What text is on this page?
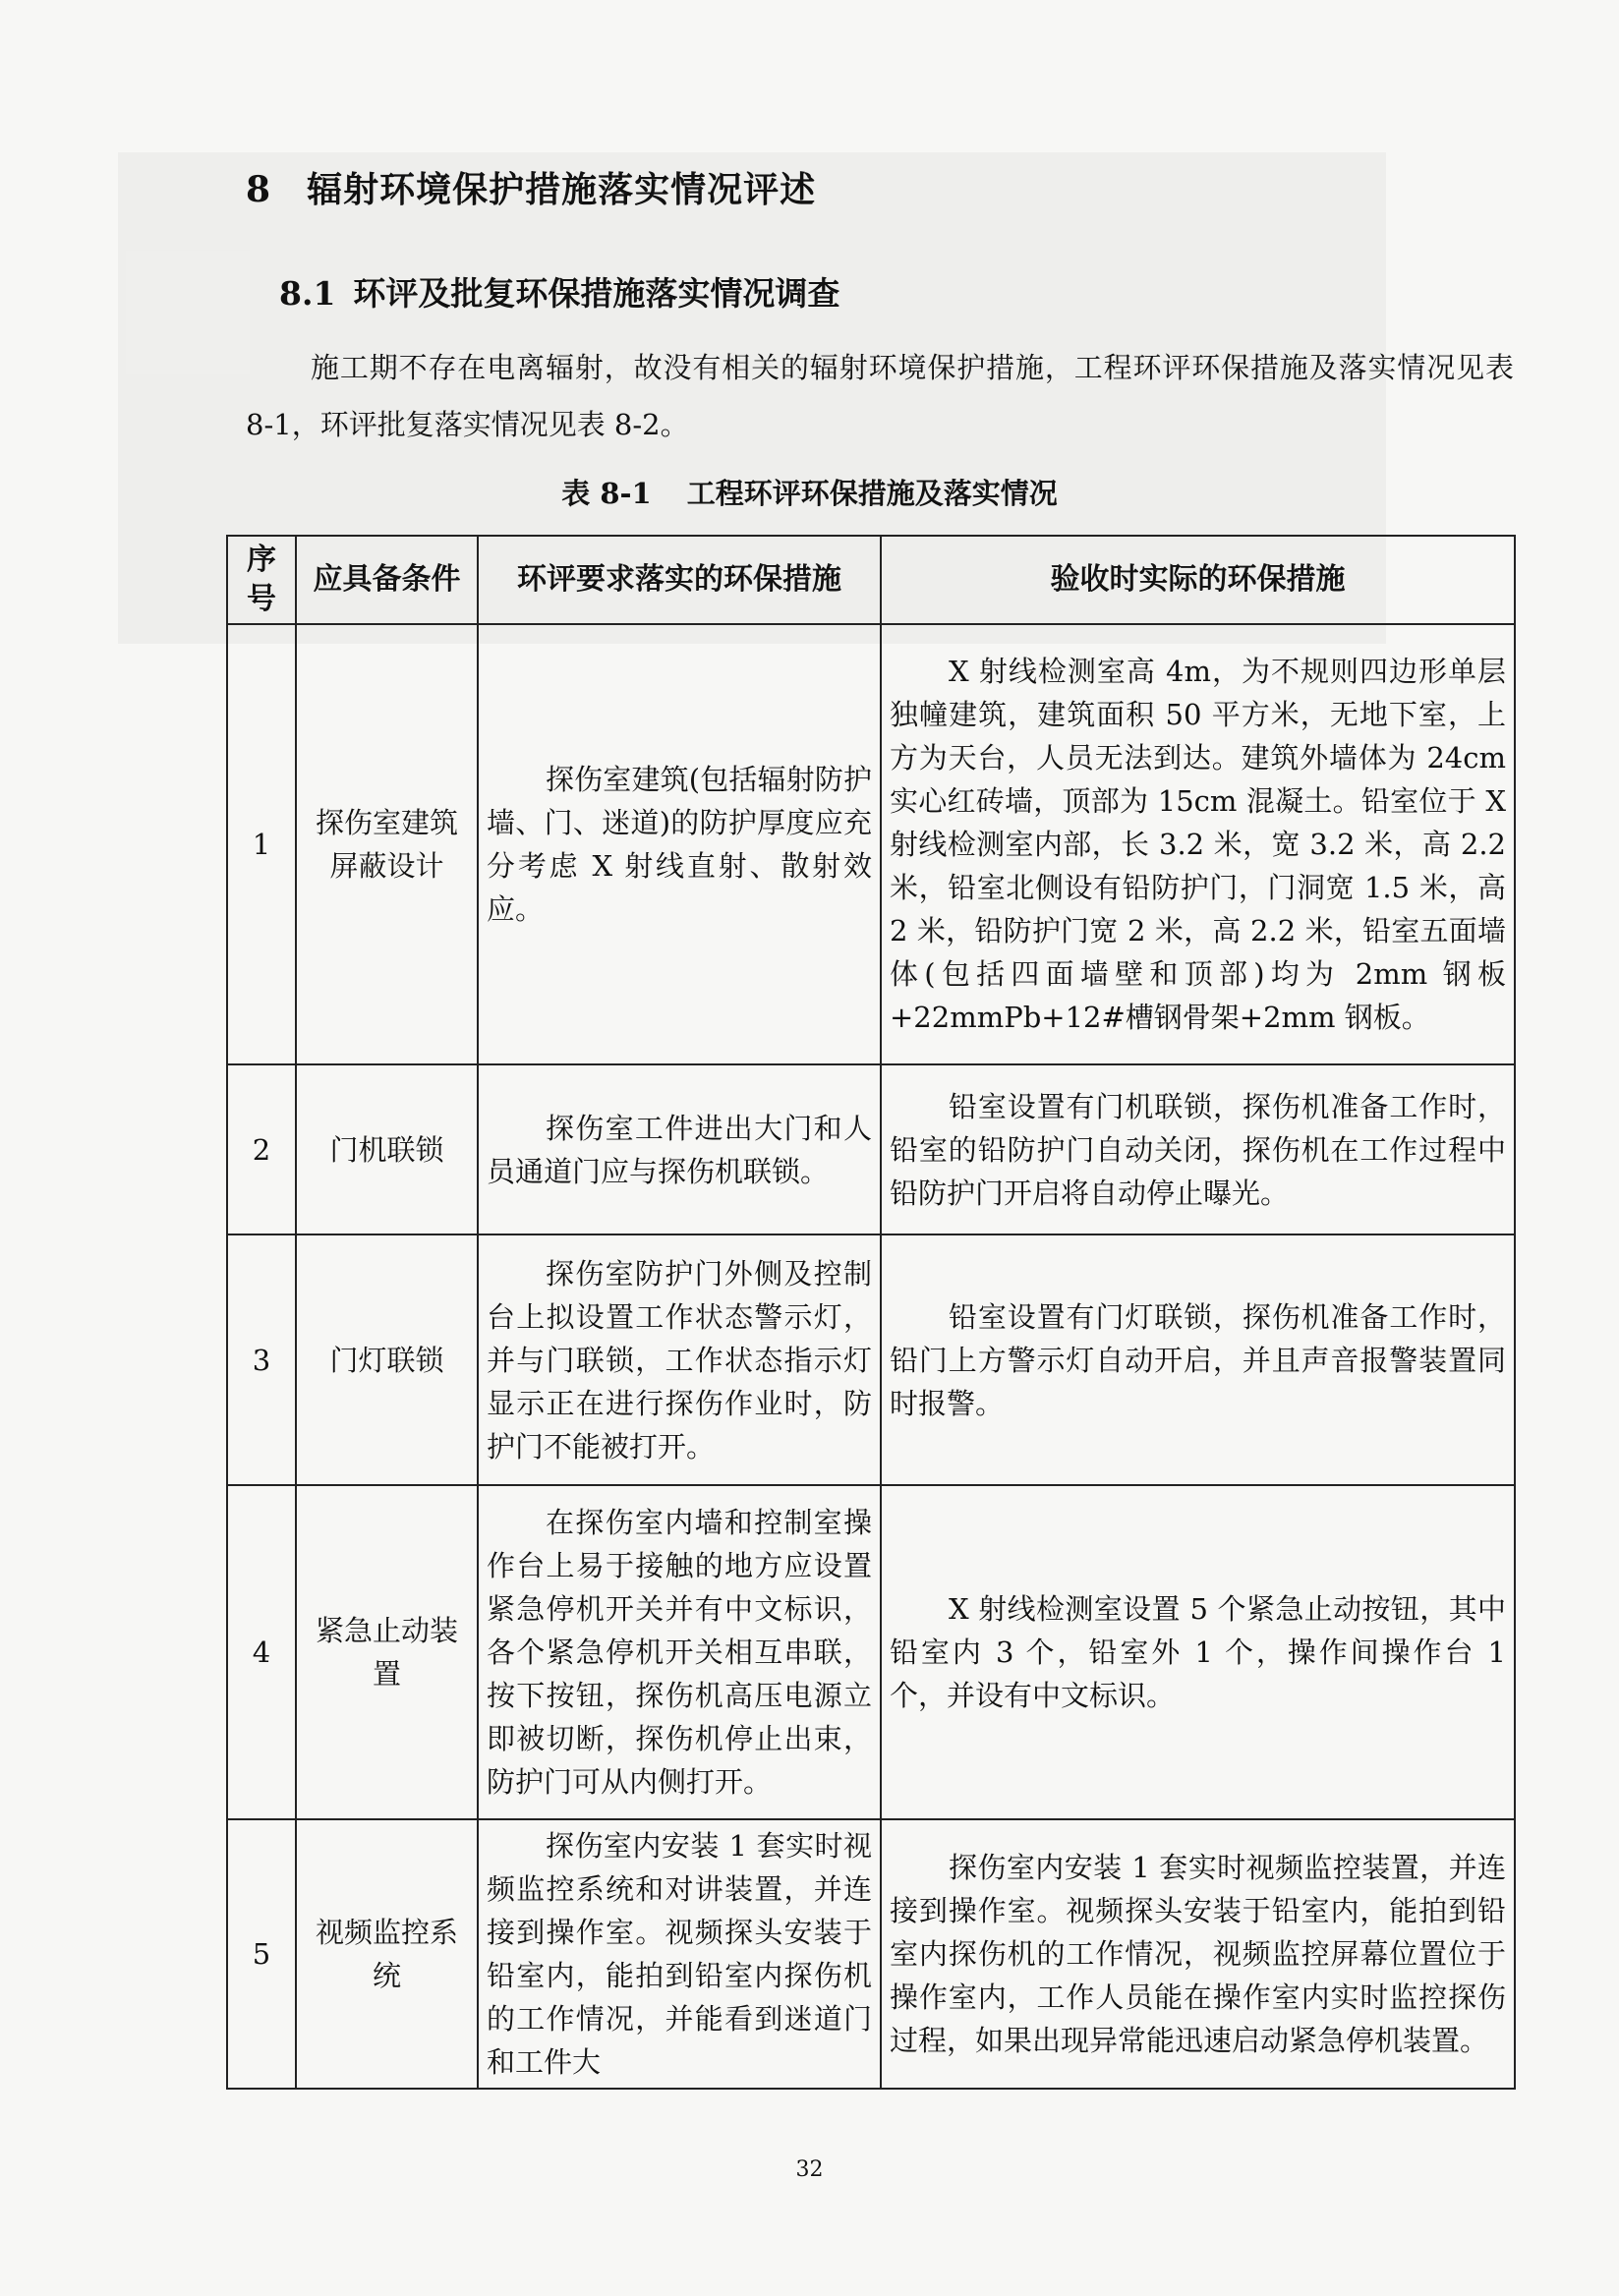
8 辐射环境保护措施落实情况评述
8.1 环评及批复环保措施落实情况调查
施工期不存在电离辐射，故没有相关的辐射环境保护措施，工程环评环保措施及落实情况见表 8-1，环评批复落实情况见表 8-2。
表 8-1 工程环评环保措施及落实情况
序号	应具备条件	环评要求落实的环保措施	验收时实际的环保措施
1	探伤室建筑屏蔽设计	探伤室建筑(包括辐射防护墙、门、迷道)的防护厚度应充分考虑 X 射线直射、散射效应。	X 射线检测室高 4m，为不规则四边形单层独幢建筑，建筑面积 50 平方米，无地下室，上方为天台，人员无法到达。建筑外墙体为 24cm 实心红砖墙，顶部为 15cm 混凝土。铅室位于 X 射线检测室内部，长 3.2 米，宽 3.2 米，高 2.2 米，铅室北侧设有铅防护门，门洞宽 1.5 米，高 2 米，铅防护门宽 2 米，高 2.2 米，铅室五面墙体(包括四面墙壁和顶部)均为 2mm 钢板+22mmPb+12#槽钢骨架+2mm 钢板。
2	门机联锁	探伤室工件进出大门和人员通道门应与探伤机联锁。	铅室设置有门机联锁，探伤机准备工作时，铅室的铅防护门自动关闭，探伤机在工作过程中铅防护门开启将自动停止曝光。
3	门灯联锁	探伤室防护门外侧及控制台上拟设置工作状态警示灯，并与门联锁，工作状态指示灯显示正在进行探伤作业时，防护门不能被打开。	铅室设置有门灯联锁，探伤机准备工作时，铅门上方警示灯自动开启，并且声音报警装置同时报警。
4	紧急止动装置	在探伤室内墙和控制室操作台上易于接触的地方应设置紧急停机开关并有中文标识，各个紧急停机开关相互串联，按下按钮，探伤机高压电源立即被切断，探伤机停止出束，防护门可从内侧打开。	X 射线检测室设置 5 个紧急止动按钮，其中铅室内 3 个，铅室外 1 个，操作间操作台 1 个，并设有中文标识。
5	视频监控系统	探伤室内安装 1 套实时视频监控系统和对讲装置，并连接到操作室。视频探头安装于铅室内，能拍到铅室内探伤机的工作情况，并能看到迷道门和工件大	探伤室内安装 1 套实时视频监控装置，并连接到操作室。视频探头安装于铅室内，能拍到铅室内探伤机的工作情况，视频监控屏幕位置位于操作室内，工作人员能在操作室内实时监控探伤过程，如果出现异常能迅速启动紧急停机装置。
32
